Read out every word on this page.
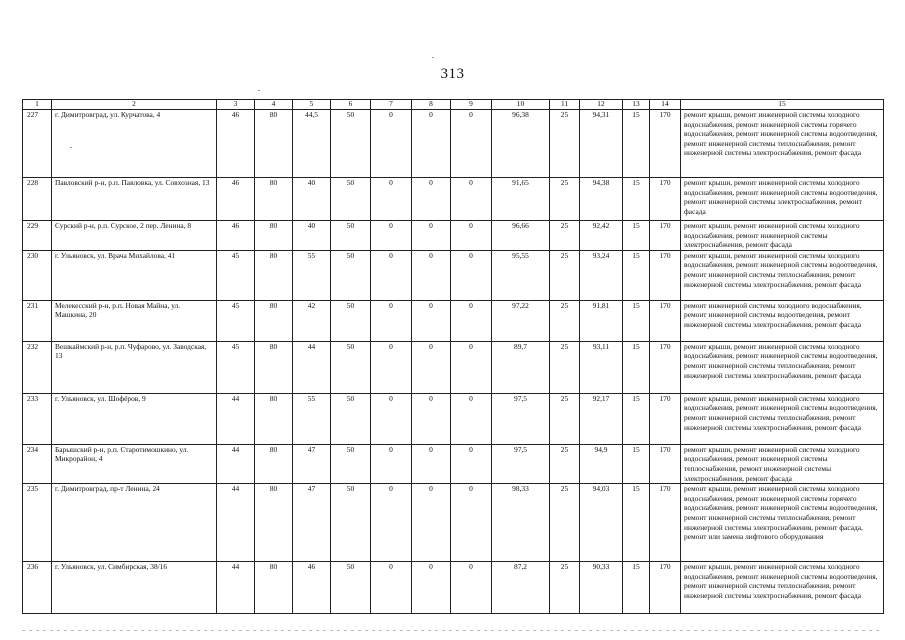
313
1	2	3	4	5	6	7	8	9	10	11	12	13	14	15
227	г. Димитровград, ул. Курчатова, 4	46	80	44,5	50	0	0	0	96,38	25	94,31	15	170	ремонт крыши, ремонт инженерной системы холодного водоснабжения, ремонт инженерной системы горячего водоснабжения, ремонт инженерной системы водоотведения, ремонт инженерной системы теплоснабжения, ремонт инженерной системы электроснабжения, ремонт фасада
228	Павловский р-н, р.п. Павловка, ул. Совхозная, 13	46	80	40	50	0	0	0	91,65	25	94,38	15	170	ремонт крыши, ремонт инженерной системы холодного водоснабжения, ремонт инженерной системы водоотведения, ремонт инженерной системы электроснабжения, ремонт фасада
229	Сурский р-н, р.п. Сурское, 2 пер. Ленина, 8	46	80	40	50	0	0	0	96,66	25	92,42	15	170	ремонт крыши, ремонт инженерной системы холодного водоснабжения, ремонт инженерной системы электроснабжения, ремонт фасада
230	г. Ульяновск, ул. Врача Михайлова, 41	45	80	55	50	0	0	0	95,55	25	93,24	15	170	ремонт крыши, ремонт инженерной системы холодного водоснабжения, ремонт инженерной системы водоотведения, ремонт инженерной системы теплоснабжения, ремонт инженерной системы электроснабжения, ремонт фасада
231	Мелекесский р-н, р.п. Новая Майна, ул. Машкина, 20	45	80	42	50	0	0	0	97,22	25	91,81	15	170	ремонт инженерной системы холодного водоснабжения, ремонт инженерной системы водоотведения, ремонт инженерной системы электроснабжения, ремонт фасада
232	Вешкаймский р-н, р.п. Чуфарово, ул. Заводская, 13	45	80	44	50	0	0	0	89,7	25	93,11	15	170	ремонт крыши, ремонт инженерной системы холодного водоснабжения, ремонт инженерной системы водоотведения, ремонт инженерной системы теплоснабжения, ремонт инженерной системы электроснабжения, ремонт фасада
233	г. Ульяновск, ул. Шофёров, 9	44	80	55	50	0	0	0	97,5	25	92,17	15	170	ремонт крыши, ремонт инженерной системы холодного водоснабжения, ремонт инженерной системы водоотведения, ремонт инженерной системы теплоснабжения, ремонт инженерной системы электроснабжения, ремонт фасада
234	Барышский р-н, р.п. Старотимошкино, ул. Микрорайон, 4	44	80	47	50	0	0	0	97,5	25	94,9	15	170	ремонт крыши, ремонт инженерной системы холодного водоснабжения, ремонт инженерной системы теплоснабжения, ремонт инженерной системы электроснабжения, ремонт фасада
235	г. Димитровград, пр-т Ленина, 24	44	80	47	50	0	0	0	98,33	25	94,03	15	170	ремонт крыши, ремонт инженерной системы холодного водоснабжения, ремонт инженерной системы горячего водоснабжения, ремонт инженерной системы водоотведения, ремонт инженерной системы теплоснабжения, ремонт инженерной системы электроснабжения, ремонт фасада, ремонт или замена лифтового оборудования
236	г. Ульяновск, ул. Симбирская, 38/16	44	80	46	50	0	0	0	87,2	25	90,33	15	170	ремонт крыши, ремонт инженерной системы холодного водоснабжения, ремонт инженерной системы водоотведения, ремонт инженерной системы теплоснабжения, ремонт инженерной системы электроснабжения, ремонт фасада
